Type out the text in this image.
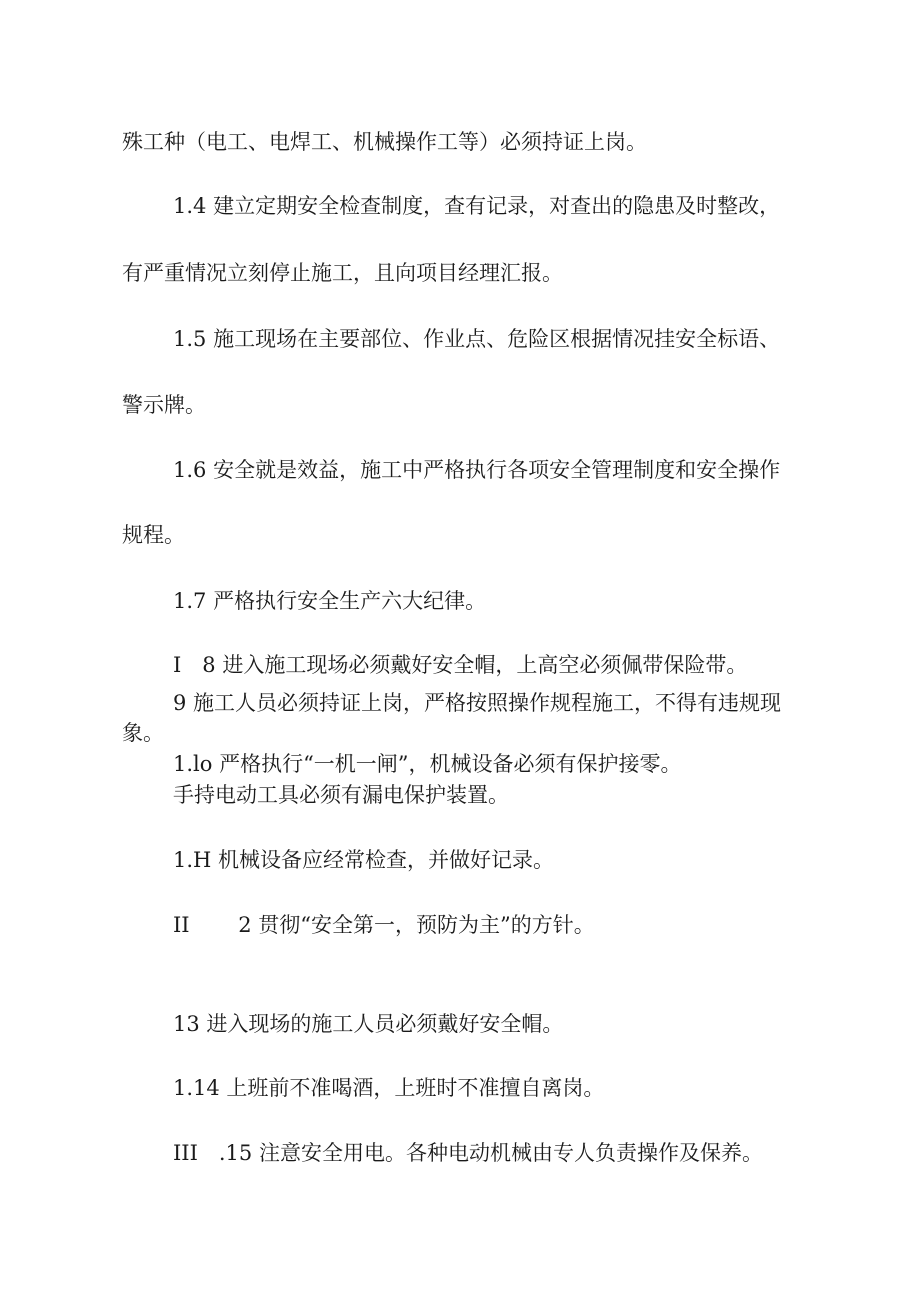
殊工种（电工、电焊工、机械操作工等）必须持证上岗。
1.4 建立定期安全检查制度，查有记录，对查出的隐患及时整改，
有严重情况立刻停止施工，且向项目经理汇报。
1.5 施工现场在主要部位、作业点、危险区根据情况挂安全标语、
警示牌。
1.6 安全就是效益，施工中严格执行各项安全管理制度和安全操作
规程。
1.7 严格执行安全生产六大纪律。
I　8 进入施工现场必须戴好安全帽，上高空必须佩带保险带。
9 施工人员必须持证上岗，严格按照操作规程施工，不得有违规现
象。
1.lo 严格执行“一机一闸”，机械设备必须有保护接零。
手持电动工具必须有漏电保护装置。
1.H 机械设备应经常检查，并做好记录。
II　　 2 贯彻“安全第一，预防为主”的方针。
13 进入现场的施工人员必须戴好安全帽。
1.14 上班前不准喝酒，上班时不准擅自离岗。
III　.15 注意安全用电。各种电动机械由专人负责操作及保养。
